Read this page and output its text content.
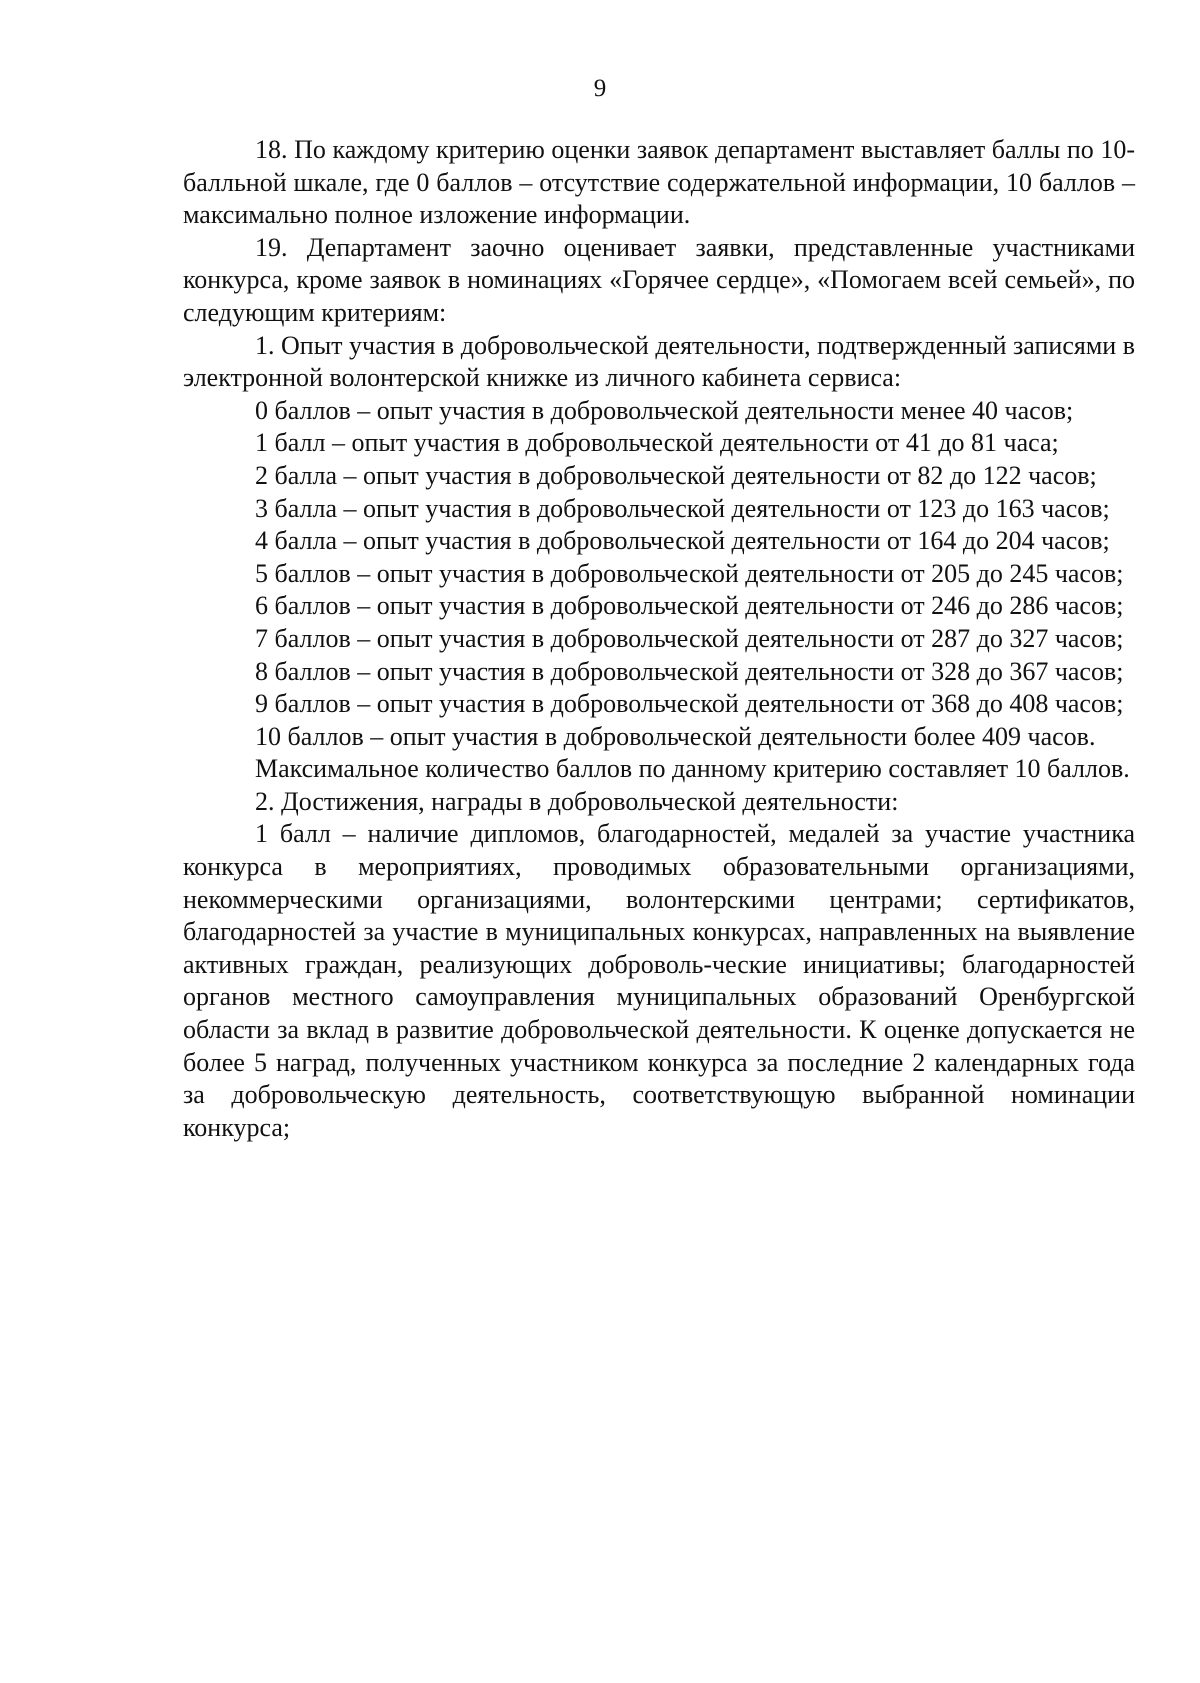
9

18. По каждому критерию оценки заявок департамент выставляет баллы по 10-балльной шкале, где 0 баллов – отсутствие содержательной информации, 10 баллов – максимально полное изложение информации.

19. Департамент заочно оценивает заявки, представленные участниками конкурса, кроме заявок в номинациях «Горячее сердце», «Помогаем всей семьей», по следующим критериям:

1. Опыт участия в добровольческой деятельности, подтвержденный записями в электронной волонтерской книжке из личного кабинета сервиса:

0 баллов – опыт участия в добровольческой деятельности менее 40 часов;

1 балл – опыт участия в добровольческой деятельности от 41 до 81 часа;

2 балла – опыт участия в добровольческой деятельности от 82 до 122 часов;

3 балла – опыт участия в добровольческой деятельности от 123 до 163 часов;

4 балла – опыт участия в добровольческой деятельности от 164 до 204 часов;

5 баллов – опыт участия в добровольческой деятельности от 205 до 245 часов;

6 баллов – опыт участия в добровольческой деятельности от 246 до 286 часов;

7 баллов – опыт участия в добровольческой деятельности от 287 до 327 часов;

8 баллов – опыт участия в добровольческой деятельности от 328 до 367 часов;

9 баллов – опыт участия в добровольческой деятельности от 368 до 408 часов;

10 баллов – опыт участия в добровольческой деятельности более 409 часов.

Максимальное количество баллов по данному критерию составляет 10 баллов.

2. Достижения, награды в добровольческой деятельности:

1 балл – наличие дипломов, благодарностей, медалей за участие участника конкурса в мероприятиях, проводимых образовательными организациями, некоммерческими организациями, волонтерскими центрами; сертификатов, благодарностей за участие в муниципальных конкурсах, направленных на выявление активных граждан, реализующих доброволь-ческие инициативы; благодарностей органов местного самоуправления муниципальных образований Оренбургской области за вклад в развитие добровольческой деятельности. К оценке допускается не более 5 наград, полученных участником конкурса за последние 2 календарных года за добровольческую деятельность, соответствующую выбранной номинации конкурса;
